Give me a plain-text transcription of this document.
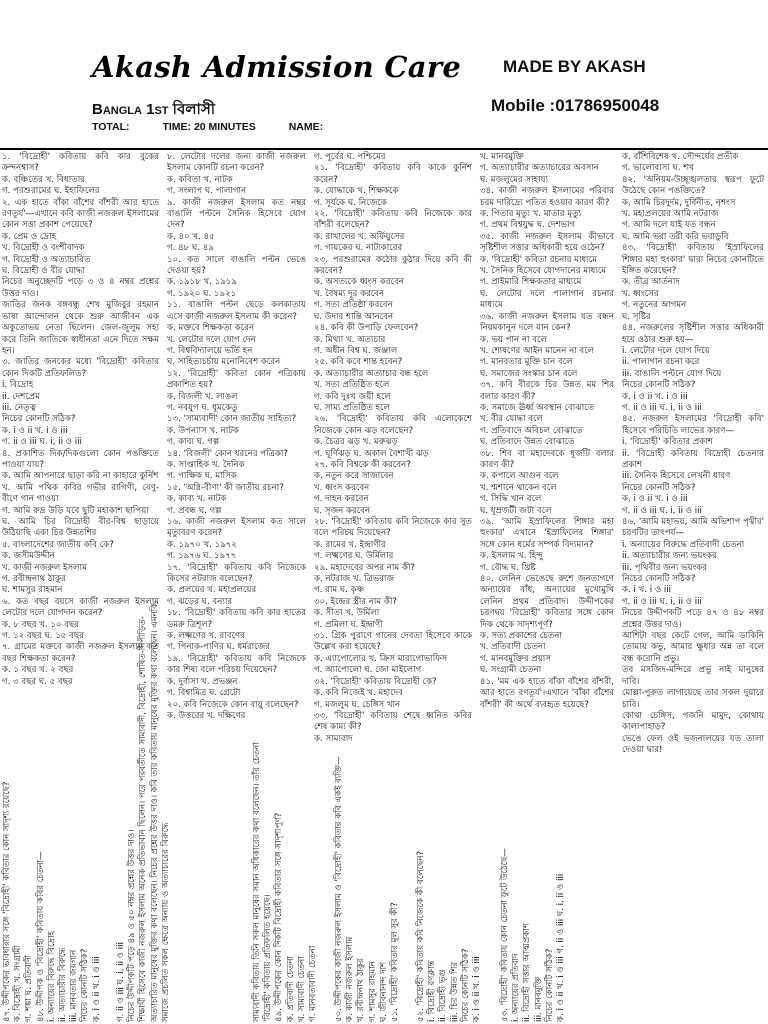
Akash Admission Care MADE BY AKASH
Bangla 1st বিলাসী	Mobile :01786950048
TOTAL:	TIME: 20 MINUTES	NAME:

১. 'বিদ্রোহী' কবিতায় কবি কার বুকের ক্রন্দনশ্বাস?

ক. বঞ্চিতের খ. বিধাতার

গ. পরশুরামের ঘ. ইহাফিলের

২. এক হাতে বাঁকা বাঁশের বাঁশরী আর হাতে রণতূর্য'—এখানে কবি কাজী নজরুল ইসলামের কোন সত্তা প্রকাশ পেয়েছে?

ক. প্রেম ও দ্রোহ

খ. বিদ্রোহী ও বংশীবাদক

গ. বিদ্রোহী ও অত্যাচারিত

ঘ. বিদ্রোহী ও বীর যোদ্ধা

নিচের অনুচ্ছেদটি পড়ে ৩ ও ৪ নম্বর প্রশ্নের উত্তর দাও।

জাতির জনক বঙ্গবন্ধু শেখ মুজিবুর রহমান ভাষা আন্দোলন থেকে শুরু আজীবন এক অকুতোভয় নেতা ছিলেন। জেল-জুলুম সহ্য করে তিনি জাতিকে স্বাধীনতা এনে দিতে সক্ষম হন।

৩. জাতির জনকের মধ্যে 'বিদ্রোহী' কবিতার কোন দিকটি প্রতিফলিত?

i. বিদ্রোহ

ii. দেশপ্রেম

iii. নেতৃত্ব

নিচের কোনটি সঠিক?

ক. i ও ii খ. i ও iii

গ. ii ও iii ঘ. i, ii ও iii

৪. প্রকাশিত দিক/দিকগুলো কোন পঙক্তিতে পাওয়া যায়?

ক. আমি আপনারে ছাড়া করি না কাহারে কুর্নিশ

খ. আমি পথিক কবির গভীর রাগিণী, বেণু-বীণে গান গাওয়া

গ. আমি রুদ্র উড়ি যবে ছুটি মহাকাশ ছাপিয়া

ঘ. আমি চির বিদ্রোহী বীর-বিশ্ব ছাড়ায়ে উঠিয়াছি একা চির উন্নতশির

৫. বাংলাদেশের জাতীয় কবি কে?

ক. জসীমউদ্দীন

খ. কাজী নজরুল ইসলাম

গ. রবীন্দ্রনাথ ঠাকুর

ঘ. শামসুর রাহমান

৬. কত বছর বয়সে কাজী নজরুল ইসলাম লেটোর দলে যোগদান করেন?

ক. ৮ বছর খ. ১০ বছর

গ. ১২ বছর ঘ. ১৫ বছর

৭. গ্রামের মক্তবে কাজী নজরুল ইসলাম কত বছর শিক্ষকতা করেন?

ক. ১ বছর খ. ২ বছর

গ. ৩ বছর ঘ. ৫ বছর

৮. লেটোর দলের জন্য কাজী নজরুল ইসলাম কোনটি রচনা করেন?

ক. কবিতা খ. নাটক

গ. সংলাপ ঘ. পালাগান

৯. কাজী নজরুল ইসলাম কত নম্বর বাঙালি পল্টনে সৈনিক হিসেবে যোগ দেন?

ক. ৪০ খ. ৪৫

গ. ৪৮ ঘ. ৪৯

১০. কত সালে বাঙালি পল্টন ভেঙে দেওয়া হয়?

ক. ১৯১৮ খ. ১৯১৯

গ. ১৯২০ ঘ. ১৯২১

১১. বাঙালি পল্টন ছেড়ে কলকাতায় এসে কাজী নজরুল ইসলাম কী করেন?

ক. মক্তবে শিক্ষকতা করেন

খ. লেটোর দলে যোগ দেন

গ. বিশ্ববিদ্যালয়ে ভর্তি হন

ঘ. সাহিত্যচর্চায় মনোনিবেশ করেন

১২. 'বিদ্রোহী' কবিতা কোন পত্রিকায় প্রকাশিত হয়?

ক. বিজলী খ. লাঙল

গ. নবযুগ ঘ. ধূমকেতু

১৩. 'সাম্যবাদী' কোন জাতীয় সাহিত্য?

ক. উপন্যাস খ. নাটক

গ. কাব্য ঘ. গল্প

১৪. 'বিজলী' কোন ধরনের পত্রিকা?

ক. সাপ্তাহিক খ. দৈনিক

গ. পাক্ষিক ঘ. মাসিক

১৫. 'অগ্নি-বীণা' কী জাতীয় রচনা?

ক. কাব্য খ. নাটক

গ. প্রবন্ধ ঘ. গল্প

১৬. কাজী নজরুল ইসলাম কত সালে মৃত্যুবরণ করেন?

ক. ১৯৭০ খ. ১৯৭২

গ. ১৯৭৬ ঘ. ১৯৭৭

১৭. 'বিদ্রোহী' কবিতায় কবি নিজেকে কিসের নটরাজ বলেছেন?

ক. প্রলয়ের খ. মহাপ্রলয়ের

গ. ঝড়ের ঘ. বন্যার

১৮. 'বিদ্রোহী' কবিতায় কবি কার হাতের ডমরু ত্রিশূল?

ক. লক্ষ্মণের খ. রাবণের

গ. পিনাক-পাণির ঘ. ধর্মরাজের

১৯. 'বিদ্রোহী' কবিতায় কবি নিজেকে কার শিষ্য বলে পরিচয় দিয়েছেন?

ক. দুর্বাসা খ. প্রভঞ্জন

গ. বিশ্বামিত্র ঘ. গ্রেটো

২০. কবি নিজেকে কোন বায়ু বলেছেন?

ক. উত্তরের খ. দক্ষিণের

গ. পূর্বের ঘ. পশ্চিমের

২১. 'বিদ্রোহী' কবিতায় কবি কাকে কুর্নিশ করেন?

ক. যোদ্ধাকে খ. শিক্ষককে

গ. সূর্যকে ঘ. নিজেকে

২২. 'বিদ্রোহী' কবিতায় কবি নিজেকে কার বাঁশরী বলেছেন?

ক. রাখালের খ. অর্ফিয়ুসের

গ. গায়কের ঘ. নাট্যকারের

২৩. পরশুরামের কঠোর কুঠার দিয়ে কবি কী করবেন?

ক. অসত্যকে ধ্বংস করবেন

খ. বৈষম্য দূর করবেন

গ. সত্য প্রতিষ্ঠা করবেন

ঘ. উদার শান্তি আনবেন

২৪. কবি কী উপাড়ি ফেলবেন?

ক. মিথ্যা খ. অত্যচার

গ. অধীন বিশ্ব ঘ. জঞ্জাল

২৫. কবি কবে শান্ত হবেন?

ক. অত্যাচারীর অত্যাচার বন্ধ হলে

খ. সত্য প্রতিষ্ঠিত হলে

গ. কবি দুঃখ জয়ী হলে

ঘ. সাম্য প্রতিষ্ঠিত হলে

২৬. 'বিদ্রোহী' কবিতায় কবি এলোকেশে নিজেকে কোন ঝড় বলেছেন?

ক. চৈত্রর ঝড় খ. মরুঝড়

গ. ঘূর্ণিঝড় ঘ. অকাল বৈশাখী ঝড়

২৭. কবি বিশ্বকে কী করবেন?

ক. নতুন করে সাজাবেন

খ. ধ্বংস করবেন

গ. দাহন করবেন

ঘ. সৃজন করবেন

২৮. 'বিদ্রোহী' কবিতায় কবি নিজেকে কার সুত বলে পরিচয় দিয়েছেন?

ক. রামের খ. ইন্দ্রাণীর

গ. লক্ষ্মণের ঘ. উর্মিলার

২৯. মহাদেবের অপর নাম কী?

ক. নটরাজ খ. ত্রিভরাজ

গ. রাম ঘ. কৃষ্ণ

৩০. ইন্দ্রের স্ত্রীর নাম কী?

ক. সীতা খ. উর্মিলা

গ. প্রমিলা ঘ. ইন্দ্রাণী

৩১. গ্রিক পুরাণে গানের দেবতা হিসেবে কাকে উল্লেখ করা হয়েছে?

ক. এ্যাপোলোর খ. ক্রিস মারাগোভাফিস

গ. অ্যাপোলো ঘ. জো মাইলোগ

৩২. 'বিদ্রোহী' কবিতায় বিদ্রোহী কে?

ক. কবি নিজেই খ. মহাদেব

গ. মজলুম ঘ. চেঙ্গিস খান

৩৩. 'বিদ্রোহী' কবিতায় শেষে ধ্বনিত কবির শেষ কাম্য কী?

ক. সাম্যবাদ

খ. মানবমুক্তি

গ. অত্যাচারীর অত্যাচারের অবসান

ঘ. মজলুমের সাহায্য

৩৪. কাজী নজরুল ইসলামের পরিবার চরম দারিদ্র্যে পতিত হওয়ার কারণ কী?

ক. পিতার মৃত্যু খ. মাতার মৃত্যু

গ. প্রথম বিশ্বযুদ্ধ ঘ. দেশভাগ

৩৫. কাজী নজরুল ইসলাম কীভাবে সৃষ্টিশীল সত্তার অধিকারী হয়ে ওঠেন?

ক. 'বিদ্রোহী' কবিতা রচনার মাধ্যমে

খ. সৈনিক হিসেবে যোগদানের মাধ্যমে

গ. প্রাইমারি শিক্ষকতার মাধ্যমে

ঘ. লেটোর দলে পালাগান রচনার মাধ্যমে

৩৬. কাজী নজরুল ইসলাম যত বন্ধন নিয়মকানুন দলে যান কেন?

ক. ভয় পান না বলে

খ. শোষণের আইন মানেন না বলে

গ. মানবতার মুক্তি চান বলে

ঘ. সমাজের সংস্কার চান বলে

৩৭. কবি বীরকে চির উন্নত মম শির বলার কারণ কী?

ক. সমাজে ঊর্ধ্ব অবস্থান বোঝাতে

খ. বীর যোদ্ধা বলে

গ. প্রতিবাদে অবিচল বোঝাতে

ঘ. প্রতিবাদে উন্নত বোঝাতে

৩৮. শিব বা মহাদেবকে ধূর্জটি বলার কারণ কী?

ক. কপালে আগুন বলে

খ. শ্মশানে থাকেন বলে

গ. সিদ্ধি খান বলে

ঘ. ধূম্রজটী জটা বলে

৩৯. 'আমি ইস্রাফিলের শিঙ্গার মহা হুংকার' এখানে 'ইস্রাফিলের শিঙ্গার' সঙ্গে কোন ধর্মের সম্পর্ক বিদ্যমান?

ক. ইসলাম খ. হিন্দু

গ. বৌদ্ধ ঘ. খ্রিষ্ট

৪০. লেনিন ভেঙেছে রুশে জনতাগণে অন্যায়ের বাঁধ, অন্যায়ের মুখোমুখি লেনিন প্রথম প্রতিবাদ। উদ্দীপকের চরণদ্বয় 'বিদ্রোহী' কবিতার সঙ্গে কোন দিক থেকে সাদৃশ্যপূর্ণ?

ক. সত্য প্রকাশের চেতনা

খ. প্রতিবাদী চেতনা

গ. মানবমুক্তির প্রয়াস

ঘ. সংগ্রামী চেতনা

৪১. 'মম এক হাতে বাঁকা বাঁশের বাঁশরী, আর হাতে রণতূর্য'।এখানে 'বাঁকা বাঁশের বাঁশরী' কী অর্থে ব্যবহৃত হয়েছে?

ক. বাঁশিবিশেষ খ. সৌন্দর্যের প্রতীক

গ. ভালোবাসা ঘ. শখ

৪২. 'অনিয়ম-উচ্ছৃঙ্খলতার স্বরূপ ফুটে উঠেছে কোন পঙক্তিতে?

ক. আমি চিরদুর্দম, দুর্বিনীত, নৃশংস

খ. মহাপ্রলয়ের আমি নটরাজ

গ. আমি দলে যাই যত বন্ধন

ঘ. আমি ভরা তরী করি ভরাডুবি

৪৩. 'বিদ্রোহী' কবিতায় 'ইস্রাফিলের শিঙ্গার মহা হুংকার' দ্বারা নিচের কোনটিতে ইঙ্গিত করেছেন?

ক. তীব্র আর্তনাদ

খ. ধ্বংসের

গ. নতুনের আগমন

ঘ. সৃষ্টির

৪৪. নজরুলের সৃষ্টিশীল সত্তার অধিকারী হয়ে ওঠার শুরু হয়—

i. লেটোর দলে যোগ দিয়ে

ii. পালাগান রচনা করে

iii. বাঙালি পল্টনে যোগ দিয়ে

নিচের কোনটি সঠিক?

ক. i ও ii খ. i ও iii

গ. ii ও iii ঘ. i, ii ও iii

৪৫. নজরুল ইসলামের 'বিদ্রোহী কবি' হিসেবে পরিচিতি লাভের কারণ—

i. 'বিদ্রোহী' কবিতার প্রকাশ

ii. 'বিদ্রোহী কবিতায় বিদ্রোহী চেতনার প্রকাশ

iii. সৈনিক হিসেবে লেখনী ধারণ

নিচের কোনটি সঠিক?

ক. i ও ii খ. i ও iii

গ. ii ও iii ঘ. i, ii ও iii

৪৬. 'আমি মহাভয়, আমি অভিশাপ পৃথ্বীর' চরণটির তাৎপর্য—

i. অন্যায়ের বিরুদ্ধে প্রতিবাদী চেতনা

ii. অত্যাচারীর জন্য ভয়ংকর

iii. পৃথিবীর জন্য ভয়ংকর

নিচের কোনটি সঠিক?

ক. i খ. i ও iii

গ. ii ও iii ঘ. i, ii ও iii

নিচের উদ্দীপকটি পড়ে ৪৭ ও ৪৮ নম্বর প্রশ্নের উত্তর দাও।

আশিটা বছর কেটে গেল, আমি ডাকিনি তোমায় কভু, আমার ক্ষুধার অন্ন তা বলে বন্ধ করোনি প্রভু।

তব মসজিদ-মন্দিরে প্রভু নাই মানুষের দাবি।

মোল্লা-পুরুত লাগায়েছে তার সকল দুয়ারে চাবি।

কোথা চেঙ্গিস, গজনি মামুদ, কোথায় কালাপাহাড়?

ভেঙে ফেল ওই ভজনালয়ের যত তালা দেওয়া দ্বার!

৪৭. উদ্দীপকের ভাবধারার সঙ্গে 'বিদ্রোহী' কবিতার কোন সাদৃশ্য রয়েছে? ক. বিদ্রোহী খ. সংগ্রামী গ. শঙ্কা ঘ. প্রতিবাদী ৪৮. উদ্দীপক ও 'বিদ্রোহী' কবিতায় কবির চেতনা— i. অন্যায়ের বিরুদ্ধে বিদ্রোহ ii. অত্যাচারীর বিরুদ্ধে iii. মানবতার জয়গান নিচের কোনটি সঠিক? ক. i ও ii খ. i ও iii গ. ii ও iii ঘ. i, ii ও iii নিচের উদ্দীপকটি পড়ে ৪৯ ও ৫০ নম্বর প্রশ্নের উত্তর দাও। শিক্ষার্থী হিসেবে কাজী নজরুল ইসলাম অনেক প্রতিভাবান ছিলেন। পরে পরবর্তীতে সাম্যবাদী, বিদ্রোহী, শোষিত-নিপীড়িত-অত্যাচারিত মানুষের মুক্তির কথা বলেছেন। নিচের প্রশ্নের উত্তর দাও। কবি তার কবিতায় মানুষের মুক্তির কথা বলেছেন। এমনকি সমাজে প্রচলিত সকল ক্ষেত্রে অন্যায় ও অত্যাচারের বিরুদ্ধে	সাম্যবাদী কবিতায় তিনি সকল মানুষের সমান অধিকারের কথা বলেছেন। তাঁর চেতনা 'বিদ্রোহী' কবিতায় প্রতিফলিত হয়েছে। ৪৯. উদ্দীপকের কোন দিকটি বিদ্রোহী কবিতার সঙ্গে সাদৃশ্যপূর্ণ? ক. প্রতিবাদী চেতনা খ. সাম্যবাদী চেতনা গ. মানবতাবাদী চেতনা ৫০. উদ্দীপকের কাজী নজরুল ইসলাম ও 'বিদ্রোহী' কবিতার কবি একই ব্যক্তি— ক. কাজী নজরুল ইসলাম খ. রবীন্দ্রনাথ ঠাকুর গ. শামসুর রাহমান ঘ. জীবনানন্দ দাশ ৫১. 'বিদ্রোহী' কবিতার মূল সুর কী? ৫২. 'বিদ্রোহী' কবিতায় কবি নিজেকে কী বলেছেন? i. বিদ্রোহী রণক্লান্ত ii. বিদ্রোহী ভৃগু iii. চির উন্নত শির নিচের কোনটি সঠিক? ক. i ও ii খ. i ও iii ৫৩. 'বিদ্রোহী' কবিতায় কোন চেতনা ফুটে উঠেছে— i. অন্যায়ের প্রতিবাদ ii. বিদ্রোহী সত্তার আত্মপ্রকাশ iii. মানবমুক্তি নিচের কোনটি সঠিক? ক. i ও ii খ. i ও iii গ. ii ও iii ঘ. i, ii ও iii
